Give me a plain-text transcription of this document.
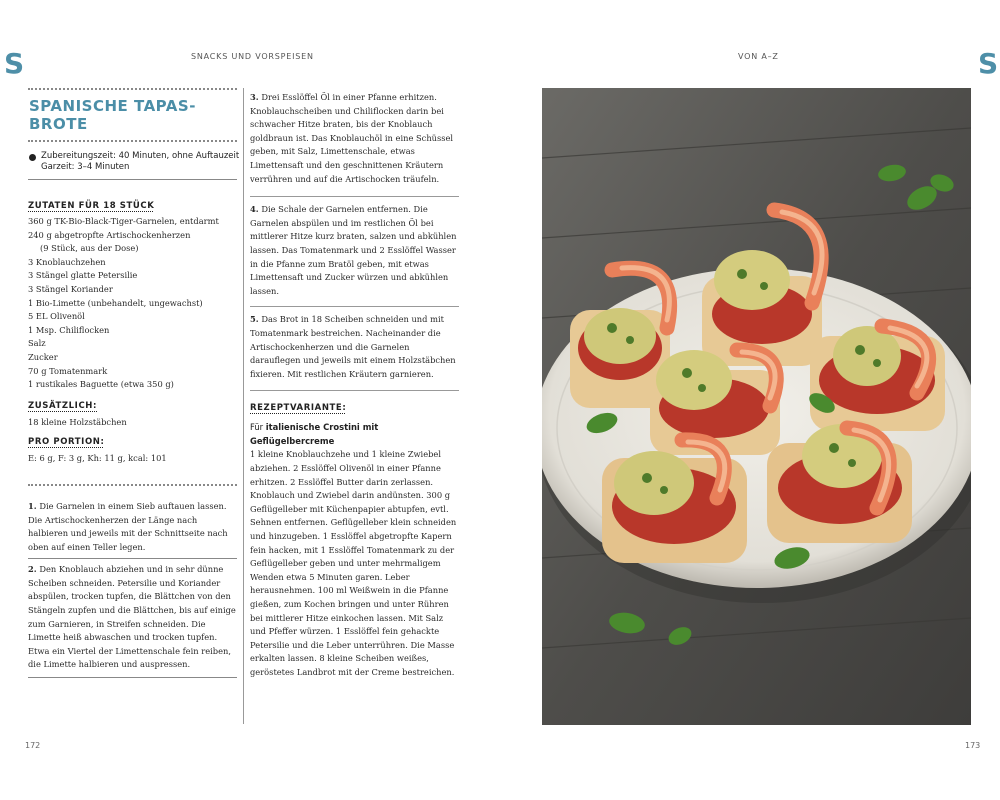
S	S
SNACKS UND VORSPEISEN	VON A–Z
SPANISCHE TAPAS-BROTE
Zubereitungszeit: 40 Minuten, ohne Auftauzeit
Garzeit: 3–4 Minuten
ZUTATEN FÜR 18 STÜCK
360 g TK-Bio-Black-Tiger-Garnelen, entdarmt
240 g abgetropfte Artischockenherzen
(9 Stück, aus der Dose)
3 Knoblauchzehen
3 Stängel glatte Petersilie
3 Stängel Koriander
1 Bio-Limette (unbehandelt, ungewachst)
5 EL Olivenöl
1 Msp. Chiliflocken
Salz
Zucker
70 g Tomatenmark
1 rustikales Baguette (etwa 350 g)
ZUSÄTZLICH:
18 kleine Holzstäbchen
PRO PORTION:
E: 6 g, F: 3 g, Kh: 11 g, kcal: 101

1. Die Garnelen in einem Sieb auftauen lassen. Die Artischockenherzen der Länge nach halbieren und jeweils mit der Schnittseite nach oben auf einen Teller legen.

2. Den Knoblauch abziehen und in sehr dünne Scheiben schneiden. Petersilie und Koriander abspülen, trocken tupfen, die Blättchen von den Stängeln zupfen und die Blättchen, bis auf einige zum Garnieren, in Streifen schneiden. Die Limette heiß abwaschen und trocken tupfen. Etwa ein Viertel der Limettenschale fein reiben, die Limette halbieren und auspressen.

3. Drei Esslöffel Öl in einer Pfanne erhitzen. Knoblauchscheiben und Chiliflocken darin bei schwacher Hitze braten, bis der Knoblauch goldbraun ist. Das Knoblauchöl in eine Schüssel geben, mit Salz, Limettenschale, etwas Limettensaft und den geschnittenen Kräutern verrühren und auf die Artischocken träufeln.

4. Die Schale der Garnelen entfernen. Die Garnelen abspülen und im restlichen Öl bei mittlerer Hitze kurz braten, salzen und abkühlen lassen. Das Tomatenmark und 2 Esslöffel Wasser in die Pfanne zum Bratöl geben, mit etwas Limettensaft und Zucker würzen und abkühlen lassen.

5. Das Brot in 18 Scheiben schneiden und mit Tomatenmark bestreichen. Nacheinander die Artischockenherzen und die Garnelen darauflegen und jeweils mit einem Holzstäbchen fixieren. Mit restlichen Kräutern garnieren.

REZEPTVARIANTE:

Für italienische Crostini mit Geflügelbercreme

1 kleine Knoblauchzehe und 1 kleine Zwiebel abziehen. 2 Esslöffel Olivenöl in einer Pfanne erhitzen. 2 Esslöffel Butter darin zerlassen. Knoblauch und Zwiebel darin andünsten. 300 g Geflügelleber mit Küchenpapier abtupfen, evtl. Sehnen entfernen. Geflügelleber klein schneiden und hinzugeben. 1 Esslöffel abgetropfte Kapern fein hacken, mit 1 Esslöffel Tomatenmark zu der Geflügelleber geben und unter mehrmaligem Wenden etwa 5 Minuten garen. Leber herausnehmen. 100 ml Weißwein in die Pfanne gießen, zum Kochen bringen und unter Rühren bei mittlerer Hitze einkochen lassen. Mit Salz und Pfeffer würzen. 1 Esslöffel fein gehackte Petersilie und die Leber unterrühren. Die Masse erkalten lassen. 8 kleine Scheiben weißes, geröstetes Landbrot mit der Creme bestreichen.

172	173
